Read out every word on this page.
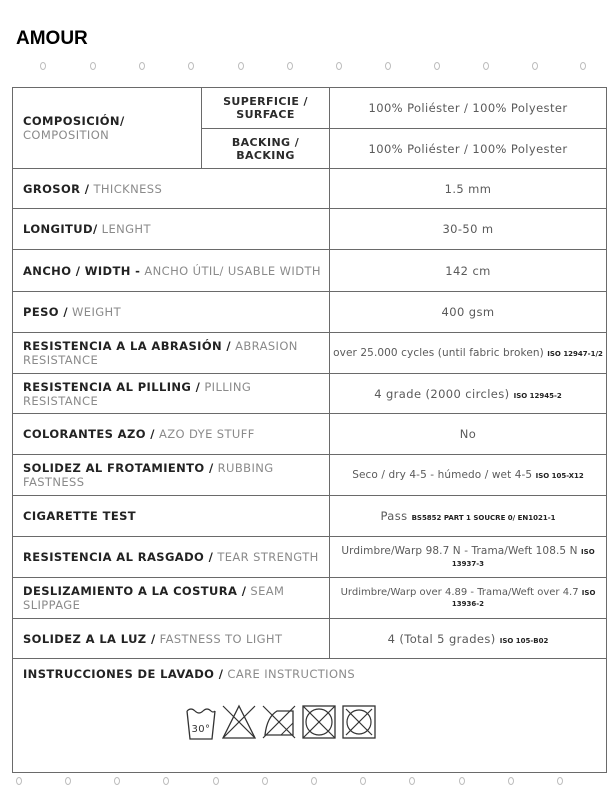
AMOUR
COMPOSICIÓN/ COMPOSITION	SUPERFICIE / SURFACE	100% Poliéster / 100% Polyester
	BACKING / BACKING	100% Poliéster / 100% Polyester
GROSOR / THICKNESS		1.5 mm
LONGITUD/ LENGHT		30-50 m
ANCHO / WIDTH - ANCHO ÚTIL/ USABLE WIDTH		142 cm
PESO / WEIGHT		400 gsm
RESISTENCIA A LA ABRASIÓN / ABRASION RESISTANCE		over 25.000 cycles (until fabric broken) ISO 12947-1/2
RESISTENCIA AL PILLING / PILLING RESISTANCE		4 grade (2000 circles) ISO 12945-2
COLORANTES AZO / AZO DYE STUFF		No
SOLIDEZ AL FROTAMIENTO / RUBBING FASTNESS		Seco / dry 4-5 - húmedo / wet 4-5 ISO 105-X12
CIGARETTE TEST		Pass BS5852 PART 1 SOUCRE 0/ EN1021-1
RESISTENCIA AL RASGADO / TEAR STRENGTH		Urdimbre/Warp 98.7 N - Trama/Weft 108.5 N ISO 13937-3
DESLIZAMIENTO A LA COSTURA / SEAM SLIPPAGE		Urdimbre/Warp over 4.89 - Trama/Weft over 4.7 ISO 13936-2
SOLIDEZ A LA LUZ / FASTNESS TO LIGHT		4 (Total 5 grades) ISO 105-B02
INSTRUCCIONES DE LAVADO / CARE INSTRUCTIONS
30°		
